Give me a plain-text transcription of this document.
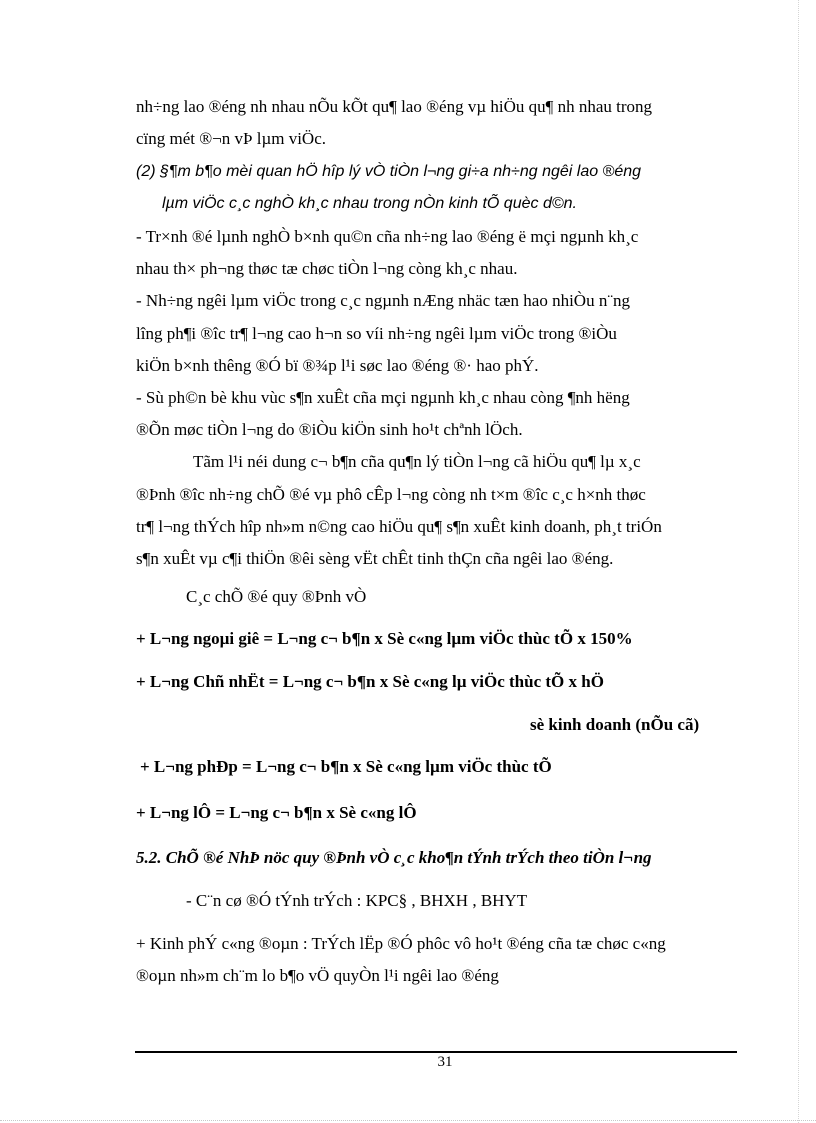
nh÷ng lao ®éng nh nhau nÕu kÕt qu¶ lao ®éng vµ hiÖu qu¶ nh nhau trong
cïng mét ®¬n vÞ lµm viÖc.
(2) §¶m b¶o mèi quan hÖ hîp lý vÒ tiÒn l¬ng gi÷a nh÷ng ngêi lao ®éng
lµm viÖc c¸c nghÒ kh¸c nhau trong nÒn kinh tÕ quèc d©n.
- Tr×nh ®é lµnh nghÒ b×nh qu©n cña nh÷ng lao ®éng ë mçi ngµnh kh¸c
nhau th× ph¬ng thøc tæ chøc tiÒn l¬ng còng kh¸c nhau.
- Nh÷ng ngêi lµm viÖc trong c¸c ngµnh nÆng nhäc tæn hao nhiÒu n¨ng
lîng ph¶i ®îc tr¶ l¬ng cao h¬n so víi nh÷ng ngêi lµm viÖc trong ®iÒu
kiÖn b×nh thêng ®Ó bï ®¾p l¹i søc lao ®éng ®· hao phÝ.
- Sù ph©n bè khu vùc s¶n xuÊt cña mçi ngµnh kh¸c nhau còng ¶nh hëng
®Õn møc tiÒn l¬ng do ®iÒu kiÖn sinh ho¹t chªnh lÖch.
Tãm l¹i néi dung c¬ b¶n cña qu¶n lý tiÒn l¬ng cã hiÖu qu¶ lµ x¸c
®Þnh ®îc nh÷ng chÕ ®é vµ phô cÊp l¬ng còng nh t×m ®îc c¸c h×nh thøc
tr¶ l¬ng thÝch hîp nh»m n©ng cao hiÖu qu¶ s¶n xuÊt kinh doanh, ph¸t triÓn
s¶n xuÊt vµ c¶i thiÖn ®êi sèng vËt chÊt tinh thÇn cña ngêi lao ®éng.
C¸c chÕ ®é quy ®Þnh vÒ
+ L¬ng ngoµi giê = L¬ng c¬ b¶n x Sè c«ng lµm viÖc thùc tÕ x 150%
+ L¬ng Chñ nhËt = L¬ng c¬ b¶n x Sè c«ng lµ viÖc thùc tÕ x hÖ
sè kinh doanh (nÕu cã)
+ L¬ng phÐp = L¬ng c¬ b¶n x Sè c«ng lµm viÖc thùc tÕ
+ L¬ng lÔ = L¬ng c¬ b¶n x Sè c«ng lÔ
5.2. ChÕ ®é NhÞ nöc quy ®Þnh vÒ c¸c kho¶n tÝnh trÝch theo tiÒn l¬ng
- C¨n cø ®Ó tÝnh trÝch : KPC§ , BHXH , BHYT
+ Kinh phÝ c«ng ®oµn : TrÝch lËp ®Ó phôc vô ho¹t ®éng cña tæ chøc c«ng
®oµn nh»m ch¨m lo b¶o vÖ quyÒn l¹i ngêi lao ®éng
31
